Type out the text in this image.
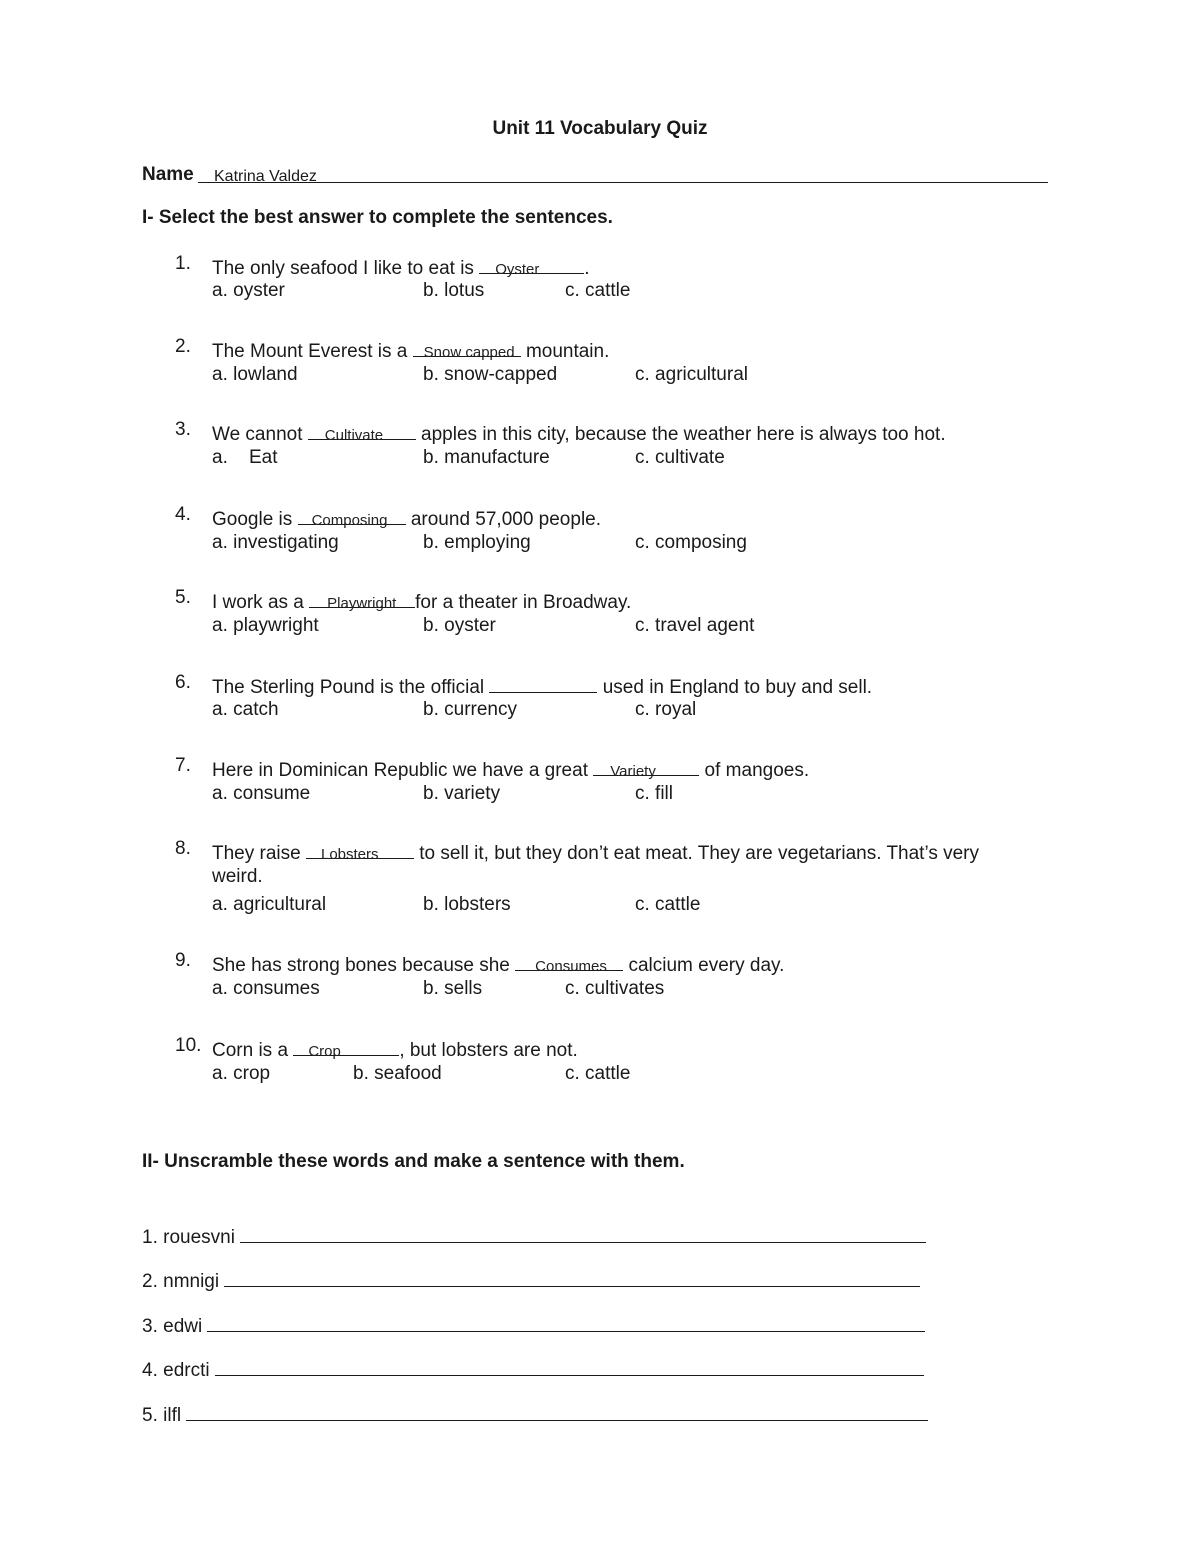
Unit 11 Vocabulary Quiz
Name Katrina Valdez
I- Select the best answer to complete the sentences.
1. The only seafood I like to eat is Oyster .
a. oyster	b. lotus	c. cattle
2. The Mount Everest is a Snow capped mountain.
a. lowland	b. snow-capped	c. agricultural
3. We cannot Cultivate apples in this city, because the weather here is always too hot.
a.    Eat	b. manufacture	c. cultivate
4. Google is Composing around 57,000 people.
a. investigating	b. employing	c. composing
5. I work as a Playwright for a theater in Broadway.
a. playwright	b. oyster	c. travel agent
6. The Sterling Pound is the official	used in England to buy and sell.
a. catch	b. currency	c. royal
7. Here in Dominican Republic we have a great Variety	of mangoes.
a. consume	b. variety	c. fill
8. They raise Lobsters to sell it, but they don’t eat meat. They are vegetarians. That’s very
weird.
a. agricultural	b. lobsters	c. cattle
9. She has strong bones because she Consumes calcium every day.
a. consumes	b. sells	c. cultivates
10. Corn is a Crop	, but lobsters are not.
a. crop	b. seafood	c. cattle
II- Unscramble these words and make a sentence with them.
1. rouesvni
2. nmnigi
3. edwi
4. edrcti
5. ilfl
